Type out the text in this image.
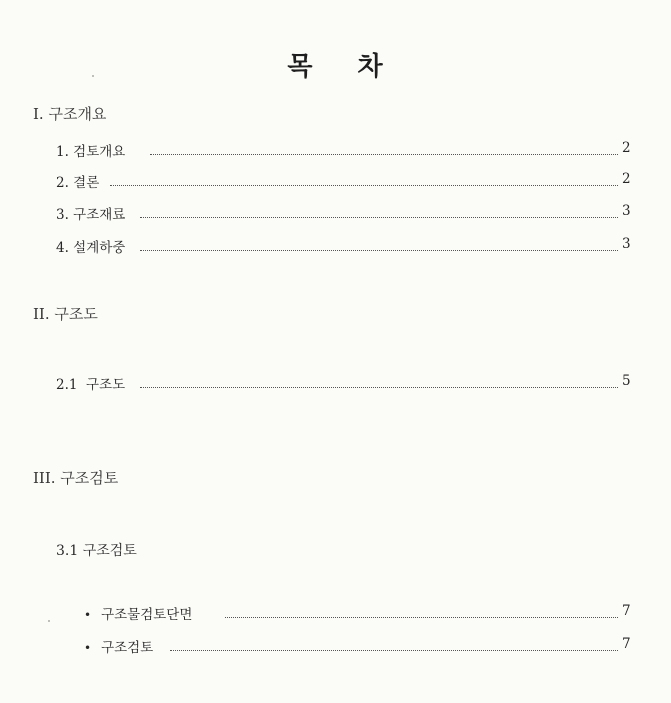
목 차
I. 구조개요
1. 검토개요	2
2. 결론	2
3. 구조재료	3
4. 설계하중	3
II. 구조도
2.1  구조도	5
III. 구조검토
3.1 구조검토
• 구조물검토단면	7
• 구조검토	7
